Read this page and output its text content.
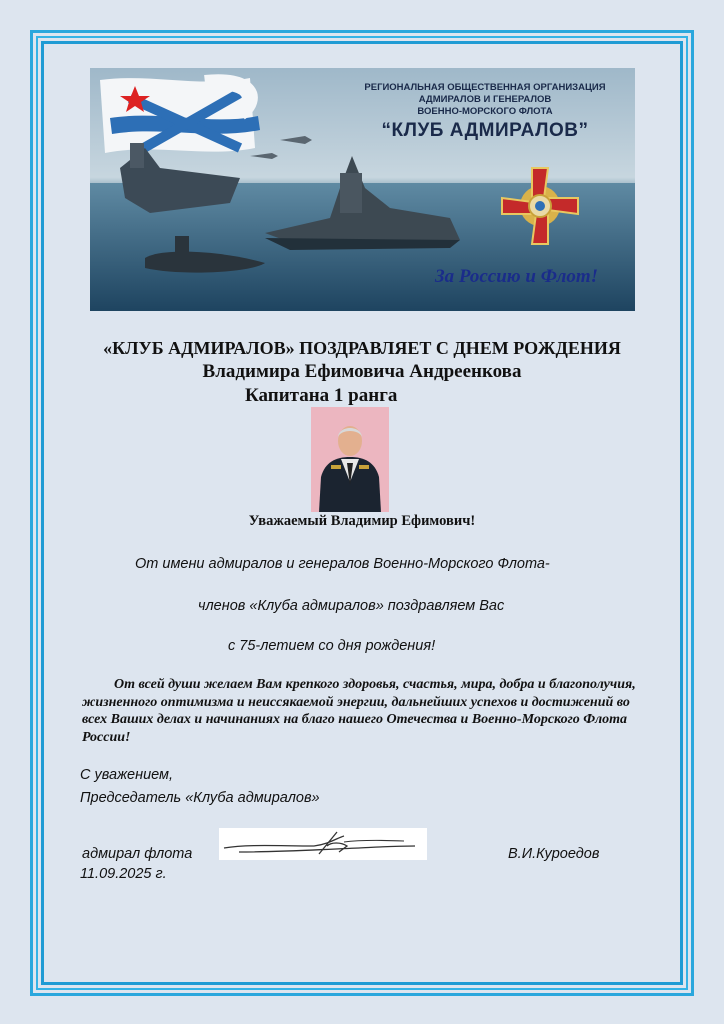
РЕГИОНАЛЬНАЯ ОБЩЕСТВЕННАЯ ОРГАНИЗАЦИЯ
АДМИРАЛОВ И ГЕНЕРАЛОВ
ВОЕННО-МОРСКОГО ФЛОТА
“КЛУБ АДМИРАЛОВ”
За Россию и Флот!
«КЛУБ АДМИРАЛОВ» ПОЗДРАВЛЯЕТ С ДНЕМ РОЖДЕНИЯ
Владимира Ефимовича Андреенкова
Капитана 1 ранга
Уважаемый Владимир Ефимович!
От имени адмиралов и генералов Военно-Морского Флота-
членов «Клуба адмиралов» поздравляем Вас
с 75-летием со дня рождения!
От всей души желаем Вам крепкого здоровья, счастья, мира, добра и благополучия, жизненного оптимизма и неиссякаемой энергии, дальнейших успехов и достижений во всех Ваших делах и начинаниях на благо нашего Отечества и Военно-Морского Флота России!
С уважением,
Председатель «Клуба адмиралов»
адмирал флота	В.И.Куроедов
11.09.2025 г.
